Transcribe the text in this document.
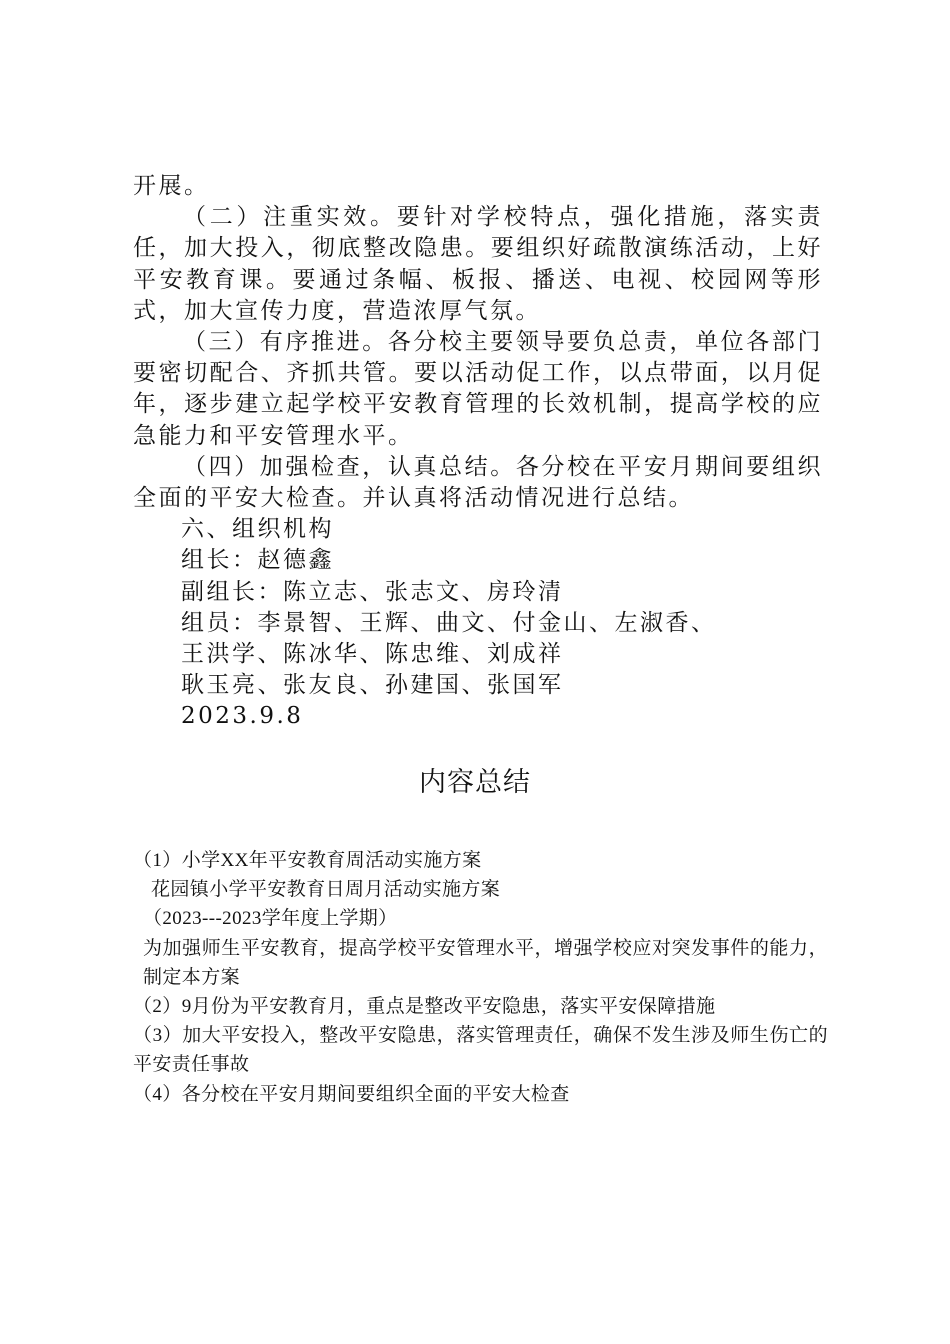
开展。

（二）注重实效。要针对学校特点，强化措施，落实责任，加大投入，彻底整改隐患。要组织好疏散演练活动，上好平安教育课。要通过条幅、板报、播送、电视、校园网等形式，加大宣传力度，营造浓厚气氛。

（三）有序推进。各分校主要领导要负总责，单位各部门要密切配合、齐抓共管。要以活动促工作，以点带面，以月促年，逐步建立起学校平安教育管理的长效机制，提高学校的应急能力和平安管理水平。

（四）加强检查，认真总结。各分校在平安月期间要组织全面的平安大检查。并认真将活动情况进行总结。

六、组织机构

组长：赵德鑫

副组长：陈立志、张志文、房玲清

组员：李景智、王辉、曲文、付金山、左淑香、

王洪学、陈冰华、陈忠维、刘成祥

耿玉亮、张友良、孙建国、张国军

2023.9.8

内容总结

（1）小学XX年平安教育周活动实施方案

花园镇小学平安教育日周月活动实施方案

（2023---2023学年度上学期）

为加强师生平安教育，提高学校平安管理水平，增强学校应对突发事件的能力，制定本方案

（2）9月份为平安教育月，重点是整改平安隐患，落实平安保障措施

（3）加大平安投入，整改平安隐患，落实管理责任，确保不发生涉及师生伤亡的平安责任事故

（4）各分校在平安月期间要组织全面的平安大检查
